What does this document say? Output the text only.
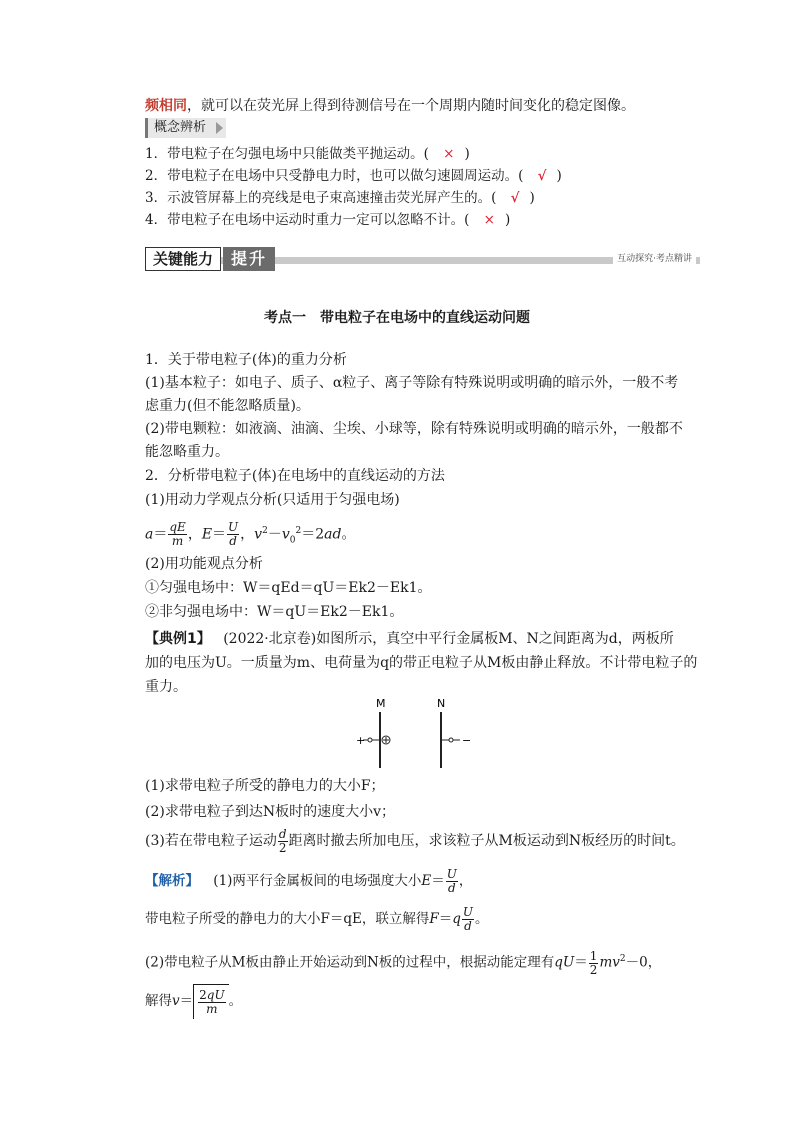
频相同，就可以在荧光屏上得到待测信号在一个周期内随时间变化的稳定图像。
概念辨析
1．带电粒子在匀强电场中只能做类平抛运动。( × )
2．带电粒子在电场中只受静电力时，也可以做匀速圆周运动。( √ )
3．示波管屏幕上的亮线是电子束高速撞击荧光屏产生的。( √ )
4．带电粒子在电场中运动时重力一定可以忽略不计。( × )
关键能力	提升	互动探究·考点精讲
考点一　带电粒子在电场中的直线运动问题
1．关于带电粒子(体)的重力分析
(1)基本粒子：如电子、质子、α粒子、离子等除有特殊说明或明确的暗示外，一般不考
虑重力(但不能忽略质量)。
(2)带电颗粒：如液滴、油滴、尘埃、小球等，除有特殊说明或明确的暗示外，一般都不
能忽略重力。
2．分析带电粒子(体)在电场中的直线运动的方法
(1)用动力学观点分析(只适用于匀强电场)
$a= \frac{qE}{m}$ ，$E= \frac{U}{d}$ ，$v^2-v_0^2=2ad$。
(2)用功能观点分析
①匀强电场中：W＝qEd＝qU＝Ek2－Ek1。
②非匀强电场中：W＝qU＝Ek2－Ek1。
【典例1】 (2022·北京卷)如图所示，真空中平行金属板M、N之间距离为d，两板所
加的电压为U。一质量为m、电荷量为q的带正电粒子从M板由静止释放。不计带电粒子的
重力。
M	N
+	−
(1)求带电粒子所受的静电力的大小F；
(2)求带电粒子到达N板时的速度大小v；
(3)若在带电粒子运动 $\frac{d}{2}$ 距离时撤去所加电压，求该粒子从M板运动到N板经历的时间t。
【解析】 (1)两平行金属板间的电场强度大小$E= \frac{U}{d}$ ，
带电粒子所受的静电力的大小F＝qE，联立解得$F=q \frac{U}{d}$ 。
(2)带电粒子从M板由静止开始运动到N板的过程中，根据动能定理有$qU= \frac{1}{2} mv^2-0$，
解得$v= \frac{2qU}{m}$ 。
